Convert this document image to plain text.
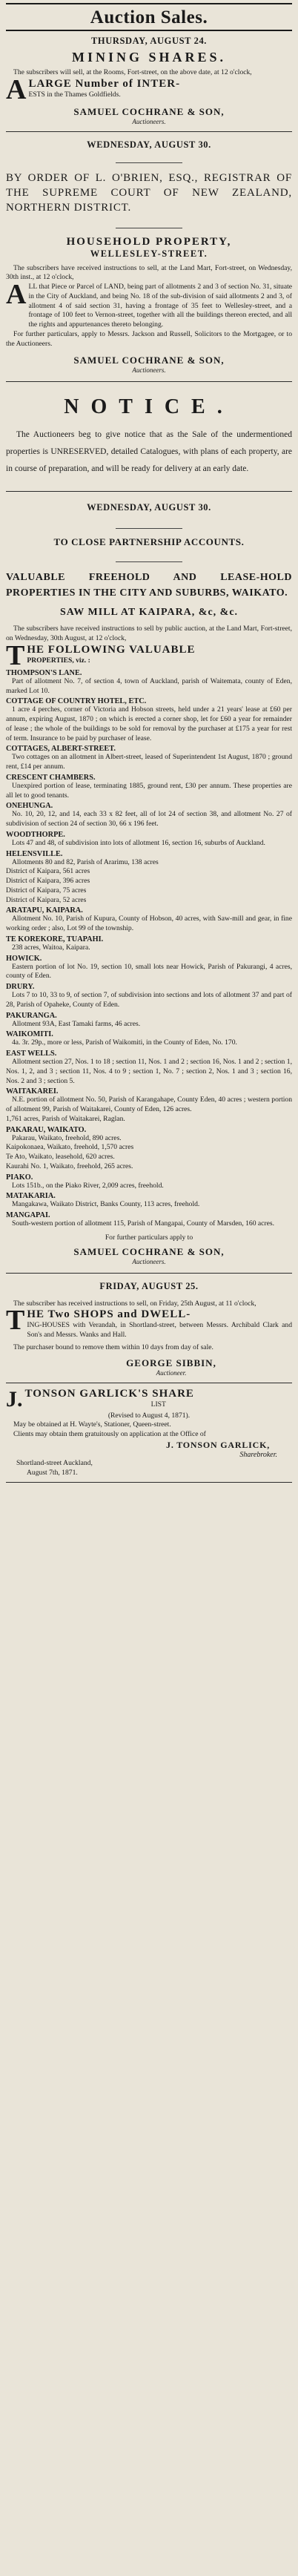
Auction Sales.
THURSDAY, AUGUST 24.
MINING SHARES.
The subscribers will sell, at the Rooms, Fort-street, on the above date, at 12 o'clock,
A LARGE Number of INTER-
ESTS in the Thames Goldfields.
SAMUEL COCHRANE & SON,
Auctioneers.
WEDNESDAY, AUGUST 30.
BY ORDER OF L. O'BRIEN, ESQ., REGISTRAR OF THE SUPREME COURT OF NEW ZEALAND, NORTHERN DISTRICT.
HOUSEHOLD PROPERTY,
WELLESLEY-STREET.
The subscribers have received instructions to sell, at the Land Mart, Fort-street, on Wednesday, 30th inst., at 12 o'clock,
A LL that Piece or Parcel of LAND, being part of allotments 2 and 3 of section No. 31, situate in the City of Auckland, and being No. 18 of the sub-division of said allotments 2 and 3, of allotment 4 of said section 31, having a frontage of 35 feet to Wellesley-street, and a frontage of 100 feet to Vernon-street, together with all the buildings thereon erected, and all the rights and appurtenances thereto belonging.
For further particulars, apply to Messrs. Jackson and Russell, Solicitors to the Mortgagee, or to the Auctioneers.
SAMUEL COCHRANE & SON,
Auctioneers.
NOTICE.
The Auctioneers beg to give notice that as the Sale of the undermentioned properties is UNRESERVED, detailed Catalogues, with plans of each property, are in course of preparation, and will be ready for delivery at an early date.
WEDNESDAY, AUGUST 30.
TO CLOSE PARTNERSHIP ACCOUNTS.
VALUABLE FREEHOLD AND LEASE-HOLD PROPERTIES IN THE CITY AND SUBURBS, WAIKATO.
SAW MILL AT KAIPARA, &c, &c.
The subscribers have received instructions to sell by public auction, at the Land Mart, Fort-street, on Wednesday, 30th August, at 12 o'clock,
T HE FOLLOWING VALUABLE
PROPERTIES, viz. :
THOMPSON'S LANE.
Part of allotment No. 7, of section 4, town of Auckland, parish of Waitemata, county of Eden, marked Lot 10.
COTTAGE OF COUNTRY HOTEL, ETC.
1 acre 4 perches, corner of Victoria and Hobson streets, held under a 21 years' lease at £60 per annum, expiring August, 1870 ; on which is erected a corner shop, let for £60 a year for remainder of lease ; the whole of the buildings to be sold for removal by the purchaser at £175 a year for rest of term. Insurance to be paid by purchaser of lease.
COTTAGES, ALBERT-STREET.
Two cottages on an allotment in Albert-street, leased of Superintendent 1st August, 1870 ; ground rent, £14 per annum.
CRESCENT CHAMBERS.
Unexpired portion of lease, terminating 1885, ground rent, £30 per annum. These properties are all let to good tenants.
ONEHUNGA.
No. 10, 20, 12, and 14, each 33 x 82 feet, all of lot 24 of section 38, and allotment No. 27 of subdivision of section 24 of section 30, 66 x 196 feet.
WOODTHORPE.
Lots 47 and 48, of subdivision into lots of allotment 16, section 16, suburbs of Auckland.
HELENSVILLE.
Allotments 80 and 82, Parish of Ararimu, 138 acres
District of Kaipara, 561 acres
District of Kaipara, 396 acres
District of Kaipara, 75 acres
District of Kaipara, 52 acres
ARATAPU, KAIPARA.
Allotment No. 10, Parish of Kupura, County of Hobson, 40 acres, with Saw-mill and gear, in fine working order ; also, Lot 99 of the township.
TE KOREKORE, TUAPAHI.
238 acres, Waitoa, Kaipara.
HOWICK.
Eastern portion of lot No. 19, section 10, small lots near Howick, Parish of Pakurangi, 4 acres, county of Eden.
DRURY.
Lots 7 to 10, 33 to 9, of section 7, of subdivision into sections and lots of allotment 37 and part of 28, Parish of Opaheke, County of Eden.
PAKURANGA.
Allotment 93A, East Tamaki farms, 46 acres.
WAIKOMITI.
4a. 3r. 29p., more or less, Parish of Waikomiti, in the County of Eden, No. 170.
EAST WELLS.
Allotment section 27, Nos. 1 to 18 ; section 11, Nos. 1 and 2 ; section 16, Nos. 1 and 2 ; section 1, Nos. 1, 2, and 3 ; section 11, Nos. 4 to 9 ; section 1, No. 7 ; section 2, Nos. 1 and 3 ; section 16, Nos. 2 and 3 ; section 5.
WAITAKAREI.
N.E. portion of allotment No. 50, Parish of Karangahape, County Eden, 40 acres ; western portion of allotment 99, Parish of Waitakarei, County of Eden, 126 acres.
1,761 acres, Parish of Waitakarei, Raglan.
PAKARAU, WAIKATO.
Pakarau, Waikato, freehold, 890 acres.
Kaipokonaea, Waikato, freehold, 1,570 acres
Te Ato, Waikato, leasehold, 620 acres.
Kaurahi No. 1, Waikato, freehold, 265 acres.
PIAKO.
Lots 151b., on the Piako River, 2,009 acres, freehold.
MATAKARIA.
Mangakawa, Waikato District, Banks County, 113 acres, freehold.
MANGAPAI.
South-western portion of allotment 115, Parish of Mangapai, County of Marsden, 160 acres.
For further particulars apply to
SAMUEL COCHRANE & SON,
Auctioneers.
FRIDAY, AUGUST 25.
The subscriber has received instructions to sell, on Friday, 25th August, at 11 o'clock,
T HE Two SHOPS and DWELL-
ING-HOUSES with Verandah, in Shortland-street, between Messrs. Archibald Clark and Son's and Messrs. Wanks and Hall.
The purchaser bound to remove them within 10 days from day of sale.
GEORGE SIBBIN,
Auctioneer.
J. TONSON GARLICK'S SHARE
LIST
(Revised to August 4, 1871).
May be obtained at H. Wayte's, Stationer, Queen-street.
Clients may obtain them gratuitously on application at the Office of
J. TONSON GARLICK,
Sharebroker.
Shortland-street Auckland,
August 7th, 1871.
